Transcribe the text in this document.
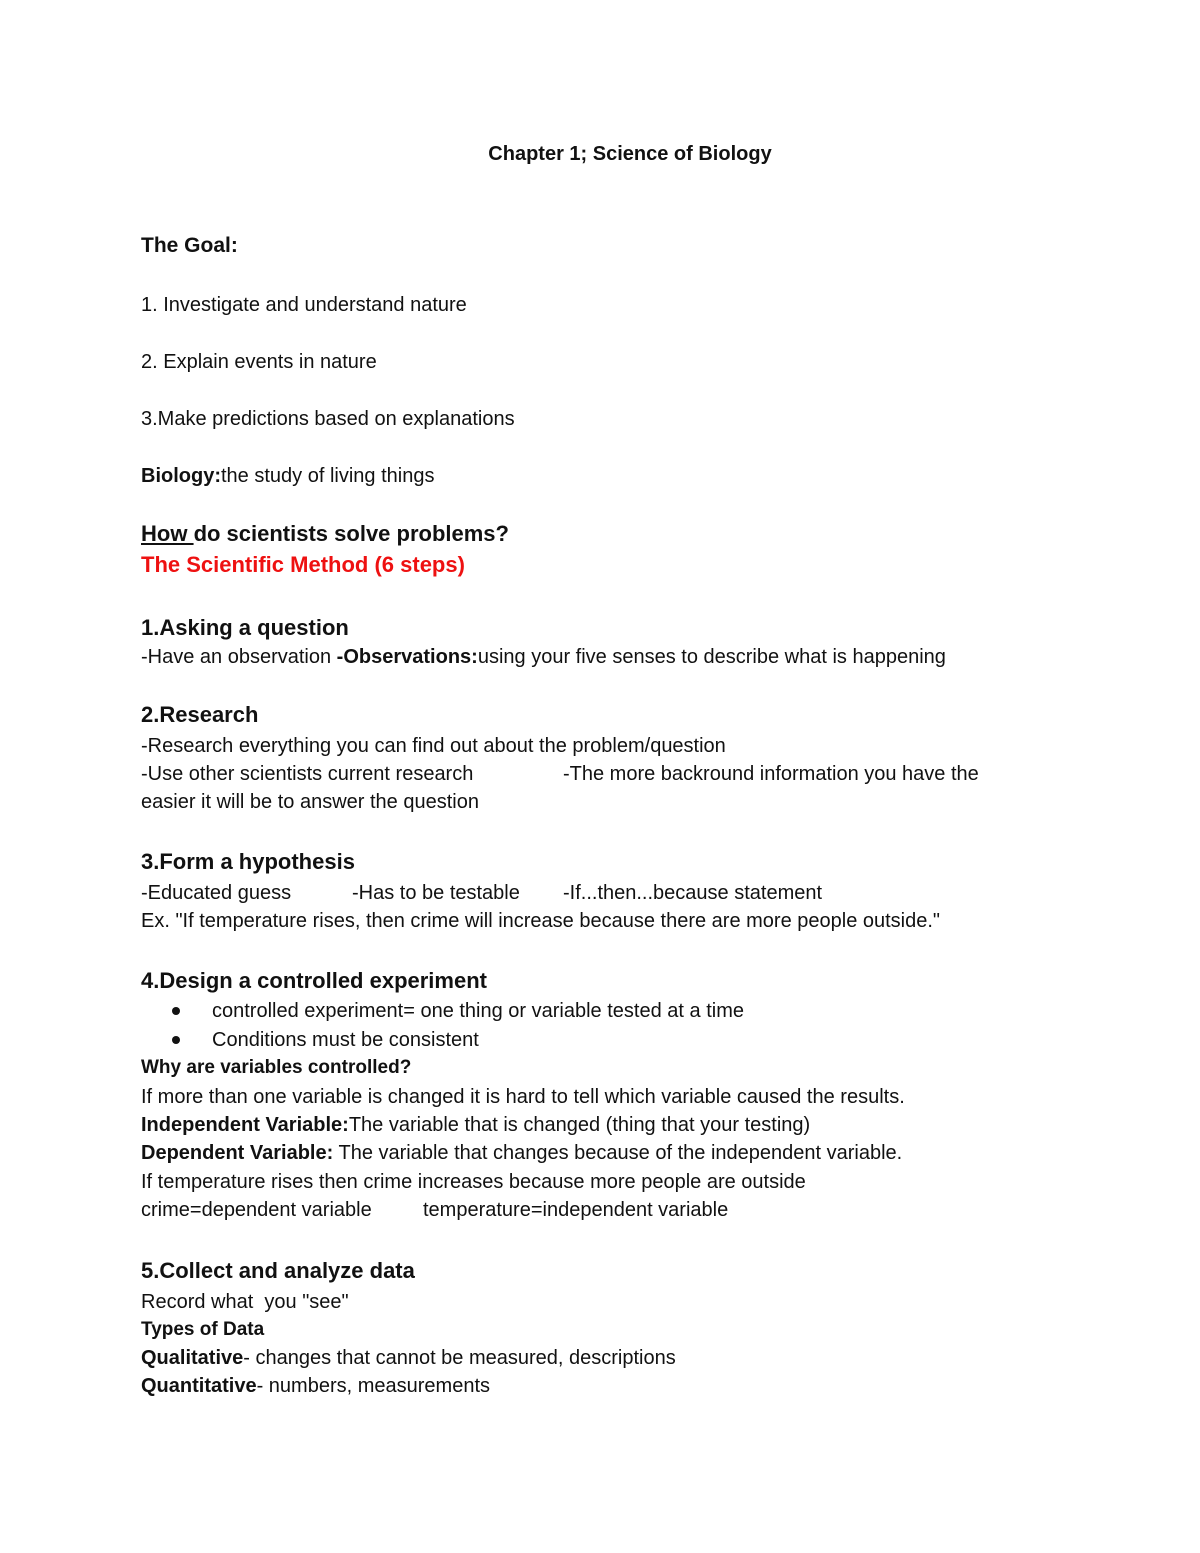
Chapter 1; Science of Biology
The Goal:
1. Investigate and understand nature
2. Explain events in nature
3.Make predictions based on explanations
Biology:the study of living things
How do scientists solve problems?
The Scientific Method (6 steps)
1.Asking a question
-Have an observation -Observations:using your five senses to describe what is happening
2.Research
-Research everything you can find out about the problem/question
-Use other scientists current research	-The more backround information you have the
easier it will be to answer the question
3.Form a hypothesis
-Educated guess	-Has to be testable -If...then...because statement
Ex. "If temperature rises, then crime will increase because there are more people outside."
4.Design a controlled experiment
controlled experiment= one thing or variable tested at a time
Conditions must be consistent
Why are variables controlled?
If more than one variable is changed it is hard to tell which variable caused the results.
Independent Variable:The variable that is changed (thing that your testing)
Dependent Variable: The variable that changes because of the independent variable.
If temperature rises then crime increases because more people are outside
crime=dependent variable	temperature=independent variable
5.Collect and analyze data
Record what  you "see"
Types of Data
Qualitative- changes that cannot be measured, descriptions
Quantitative- numbers, measurements
